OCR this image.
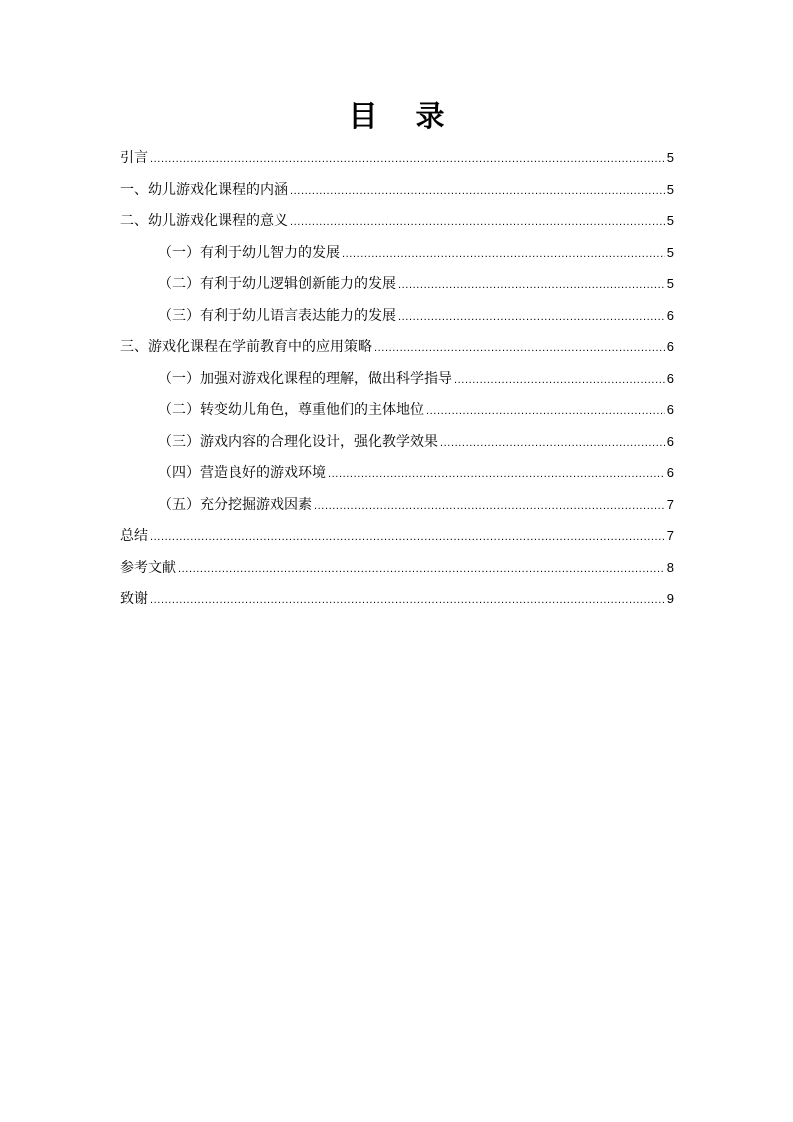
目 录
引言 .....	5
一、幼儿游戏化课程的内涵 .....	5
二、幼儿游戏化课程的意义 .....	5
（一）有利于幼儿智力的发展 .....	5
（二）有利于幼儿逻辑创新能力的发展 .....	5
（三）有利于幼儿语言表达能力的发展 .....	6
三、游戏化课程在学前教育中的应用策略 .....	6
（一）加强对游戏化课程的理解，做出科学指导 .....	6
（二）转变幼儿角色，尊重他们的主体地位 .....	6
（三）游戏内容的合理化设计，强化教学效果 .....	6
（四）营造良好的游戏环境 .....	6
（五）充分挖掘游戏因素 .....	7
总结 .....	7
参考文献 .....	8
致谢 .....	9
